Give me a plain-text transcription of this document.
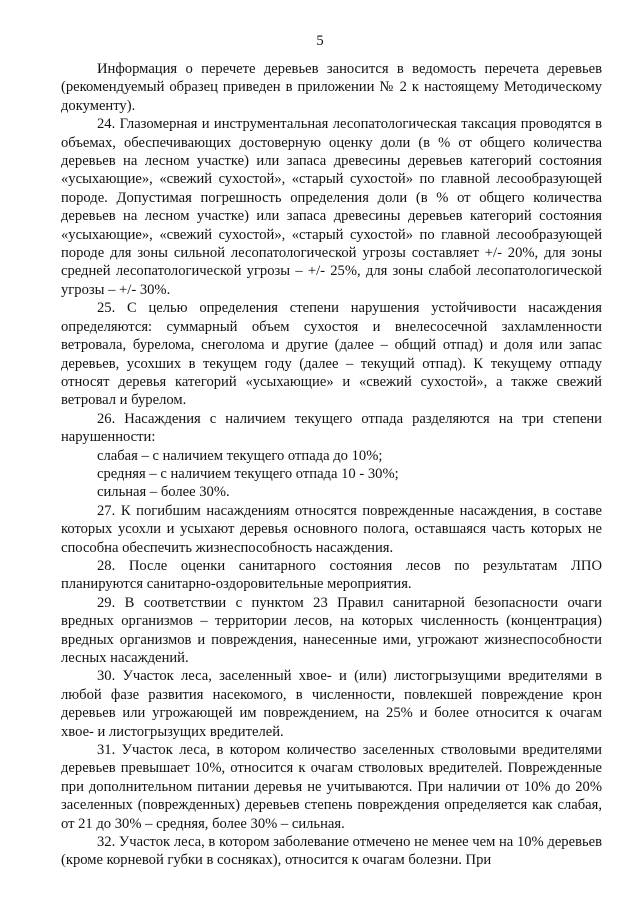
5

Информация о перечете деревьев заносится в ведомость перечета деревьев (рекомендуемый образец приведен в приложении № 2 к настоящему Методическому документу).

24. Глазомерная и инструментальная лесопатологическая таксация проводятся в объемах, обеспечивающих достоверную оценку доли (в % от общего количества деревьев на лесном участке) или запаса древесины деревьев категорий состояния «усыхающие», «свежий сухостой», «старый сухостой» по главной лесообразующей породе. Допустимая погрешность определения доли (в % от общего количества деревьев на лесном участке) или запаса древесины деревьев категорий состояния «усыхающие», «свежий сухостой», «старый сухостой» по главной лесообразующей породе для зоны сильной лесопатологической угрозы составляет +/- 20%, для зоны средней лесопатологической угрозы – +/- 25%, для зоны слабой лесопатологической угрозы – +/- 30%.

25. С целью определения степени нарушения устойчивости насаждения определяются: суммарный объем сухостоя и внелесосечной захламленности ветровала, бурелома, снеголома и другие (далее – общий отпад) и доля или запас деревьев, усохших в текущем году (далее – текущий отпад). К текущему отпаду относят деревья категорий «усыхающие» и «свежий сухостой», а также свежий ветровал и бурелом.

26. Насаждения с наличием текущего отпада разделяются на три степени нарушенности:

слабая – с наличием текущего отпада до 10%;

средняя – с наличием текущего отпада 10 - 30%;

сильная – более 30%.

27. К погибшим насаждениям относятся поврежденные насаждения, в составе которых усохли и усыхают деревья основного полога, оставшаяся часть которых не способна обеспечить жизнеспособность насаждения.

28. После оценки санитарного состояния лесов по результатам ЛПО планируются санитарно-оздоровительные мероприятия.

29. В соответствии с пунктом 23 Правил санитарной безопасности очаги вредных организмов – территории лесов, на которых численность (концентрация) вредных организмов и повреждения, нанесенные ими, угрожают жизнеспособности лесных насаждений.

30. Участок леса, заселенный хвое- и (или) листогрызущими вредителями в любой фазе развития насекомого, в численности, повлекшей повреждение крон деревьев или угрожающей им повреждением, на 25% и более относится к очагам хвое- и листогрызущих вредителей.

31. Участок леса, в котором количество заселенных стволовыми вредителями деревьев превышает 10%, относится к очагам стволовых вредителей. Поврежденные при дополнительном питании деревья не учитываются. При наличии от 10% до 20% заселенных (поврежденных) деревьев степень повреждения определяется как слабая, от 21 до 30% – средняя, более 30% – сильная.

32. Участок леса, в котором заболевание отмечено не менее чем на 10% деревьев (кроме корневой губки в сосняках), относится к очагам болезни. При
